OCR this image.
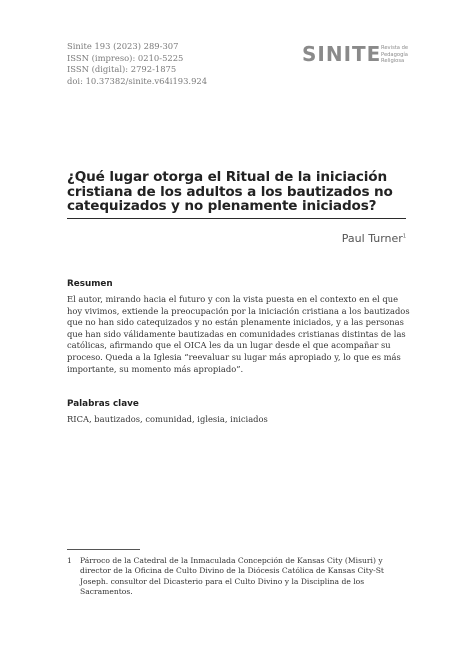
Sinite 193 (2023) 289-307
ISSN (impreso): 0210-5225
ISSN (digital): 2792-1875
doi: 10.37382/sinite.v64i193.924
SINITE Revista de
Pedagogía
Religiosa
¿Qué lugar otorga el Ritual de la iniciación cristiana de los adultos a los bautizados no catequizados y no plenamente iniciados?
Paul Turner$^1$
Resumen

El autor, mirando hacia el futuro y con la vista puesta en el contexto en el que hoy vivimos, extiende la preocupación por la iniciación cristiana a los bautizados que no han sido catequizados y no están plenamente iniciados, y a las personas que han sido válidamente bautizadas en comunidades cristianas distintas de las católicas, afirmando que el OICA les da un lugar desde el que acompañar su proceso. Queda a la Iglesia “reevaluar su lugar más apropiado y, lo que es más importante, su momento más apropiado”.

Palabras clave
RICA, bautizados, comunidad, iglesia, iniciados
1 Párroco de la Catedral de la Inmaculada Concepción de Kansas City (Misuri) y director de la Oficina de Culto Divino de la Diócesis Católica de Kansas City-St Joseph. consultor del Dicasterio para el Culto Divino y la Disciplina de los Sacramentos.
